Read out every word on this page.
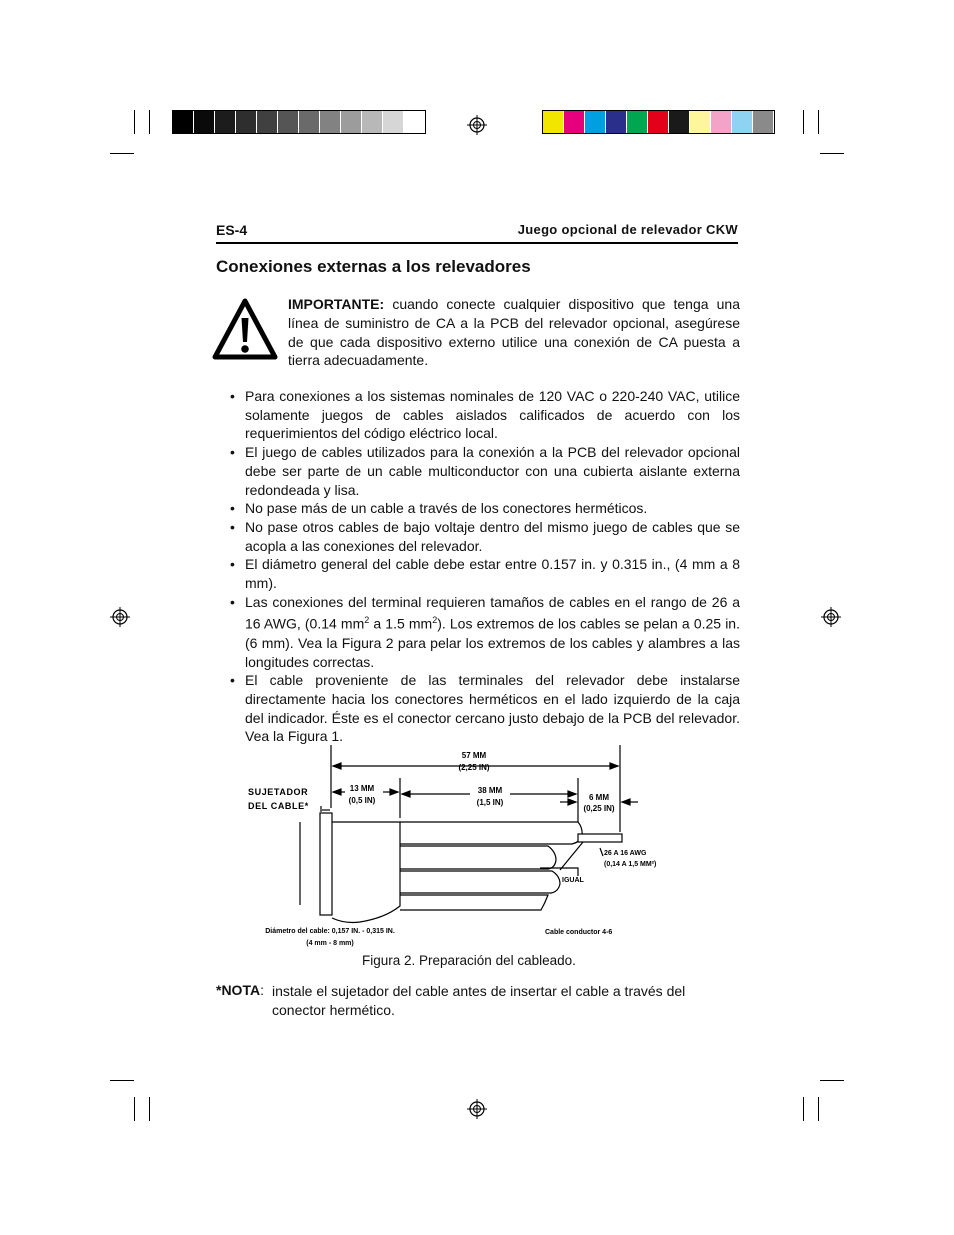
ES-4	Juego opcional de relevador CKW
Conexiones externas a los relevadores
IMPORTANTE: cuando conecte cualquier dispositivo que tenga una línea de suministro de CA a la PCB del relevador opcional, asegúrese de que cada dispositivo externo utilice una conexión de CA puesta a tierra adecuadamente.
• Para conexiones a los sistemas nominales de 120 VAC o 220-240 VAC, utilice solamente juegos de cables aislados calificados de acuerdo con los requerimientos del código eléctrico local.
• El juego de cables utilizados para la conexión a la PCB del relevador opcional debe ser parte de un cable multiconductor con una cubierta aislante externa redondeada y lisa.
• No pase más de un cable a través de los conectores herméticos.
• No pase otros cables de bajo voltaje dentro del mismo juego de cables que se acopla a las conexiones del relevador.
• El diámetro general del cable debe estar entre 0.157 in. y 0.315 in., (4 mm a 8 mm).
• Las conexiones del terminal requieren tamaños de cables en el rango de 26 a 16 AWG, (0.14 $mm^2$ a 1.5 $mm^2$). Los extremos de los cables se pelan a 0.25 in. (6 mm). Vea la Figura 2 para pelar los extremos de los cables y alambres a las longitudes correctas.
• El cable proveniente de las terminales del relevador debe instalarse directamente hacia los conectores herméticos en el lado izquierdo de la caja del indicador. Éste es el conector cercano justo debajo de la PCB del relevador. Vea la Figura 1.
57 MM
(2,25 IN)
13 MM
(0,5 IN)
38 MM
(1,5 IN)
6 MM
(0,25 IN)
SUJETADOR
DEL CABLE*
26 A 16 AWG
(0,14 A 1,5 MM²)
IGUAL
Cable conductor 4-6
Diámetro del cable: 0,157 IN. - 0,315 IN.
(4 mm - 8 mm)
Figura 2. Preparación del cableado.
*NOTA: instale el sujetador del cable antes de insertar el cable a través del conector hermético.
